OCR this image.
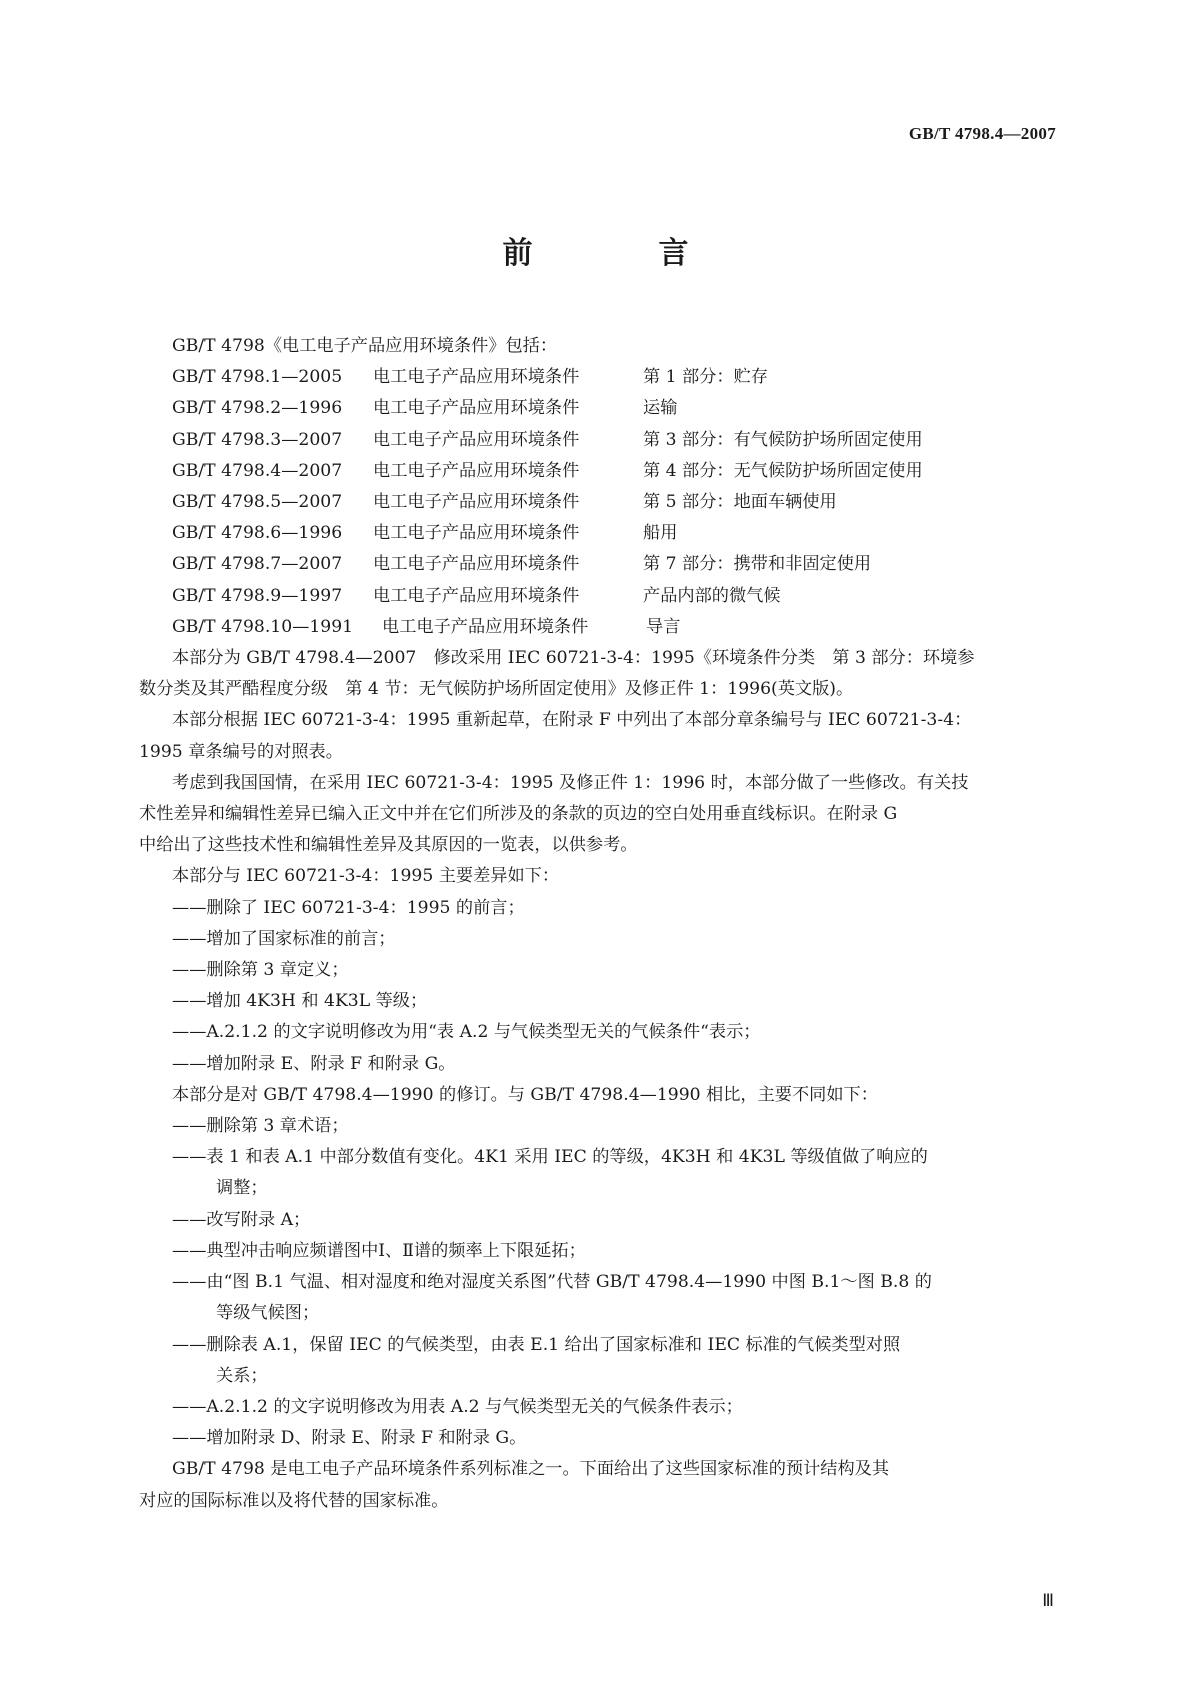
GB/T 4798.4—2007
前　言
GB/T 4798《电工电子产品应用环境条件》包括：
GB/T 4798.1—2005 电工电子产品应用环境条件	第 1 部分：贮存
GB/T 4798.2—1996 电工电子产品应用环境条件	运输
GB/T 4798.3—2007 电工电子产品应用环境条件	第 3 部分：有气候防护场所固定使用
GB/T 4798.4—2007 电工电子产品应用环境条件	第 4 部分：无气候防护场所固定使用
GB/T 4798.5—2007 电工电子产品应用环境条件	第 5 部分：地面车辆使用
GB/T 4798.6—1996 电工电子产品应用环境条件	船用
GB/T 4798.7—2007 电工电子产品应用环境条件	第 7 部分：携带和非固定使用
GB/T 4798.9—1997 电工电子产品应用环境条件	产品内部的微气候
GB/T 4798.10—1991 电工电子产品应用环境条件	导言
本部分为 GB/T 4798.4—2007　修改采用 IEC 60721-3-4：1995《环境条件分类　第 3 部分：环境参
数分类及其严酷程度分级　第 4 节：无气候防护场所固定使用》及修正件 1：1996(英文版)。
本部分根据 IEC 60721-3-4：1995 重新起草，在附录 F 中列出了本部分章条编号与 IEC 60721-3-4：
1995 章条编号的对照表。
考虑到我国国情，在采用 IEC 60721-3-4：1995 及修正件 1：1996 时，本部分做了一些修改。有关技
术性差异和编辑性差异已编入正文中并在它们所涉及的条款的页边的空白处用垂直线标识。在附录 G
中给出了这些技术性和编辑性差异及其原因的一览表，以供参考。
本部分与 IEC 60721-3-4：1995 主要差异如下：
——删除了 IEC 60721-3-4：1995 的前言；
——增加了国家标准的前言；
——删除第 3 章定义；
——增加 4K3H 和 4K3L 等级；
——A.2.1.2 的文字说明修改为用“表 A.2 与气候类型无关的气候条件“表示；
——增加附录 E、附录 F 和附录 G。
本部分是对 GB/T 4798.4—1990 的修订。与 GB/T 4798.4—1990 相比，主要不同如下：
——删除第 3 章术语；
——表 1 和表 A.1 中部分数值有变化。4K1 采用 IEC 的等级，4K3H 和 4K3L 等级值做了响应的
调整；
——改写附录 A；
——典型冲击响应频谱图中Ⅰ、Ⅱ谱的频率上下限延拓；
——由“图 B.1 气温、相对湿度和绝对湿度关系图”代替 GB/T 4798.4—1990 中图 B.1～图 B.8 的
等级气候图；
——删除表 A.1，保留 IEC 的气候类型，由表 E.1 给出了国家标准和 IEC 标准的气候类型对照
关系；
——A.2.1.2 的文字说明修改为用表 A.2 与气候类型无关的气候条件表示；
——增加附录 D、附录 E、附录 F 和附录 G。
GB/T 4798 是电工电子产品环境条件系列标准之一。下面给出了这些国家标准的预计结构及其
对应的国际标准以及将代替的国家标准。
Ⅲ
